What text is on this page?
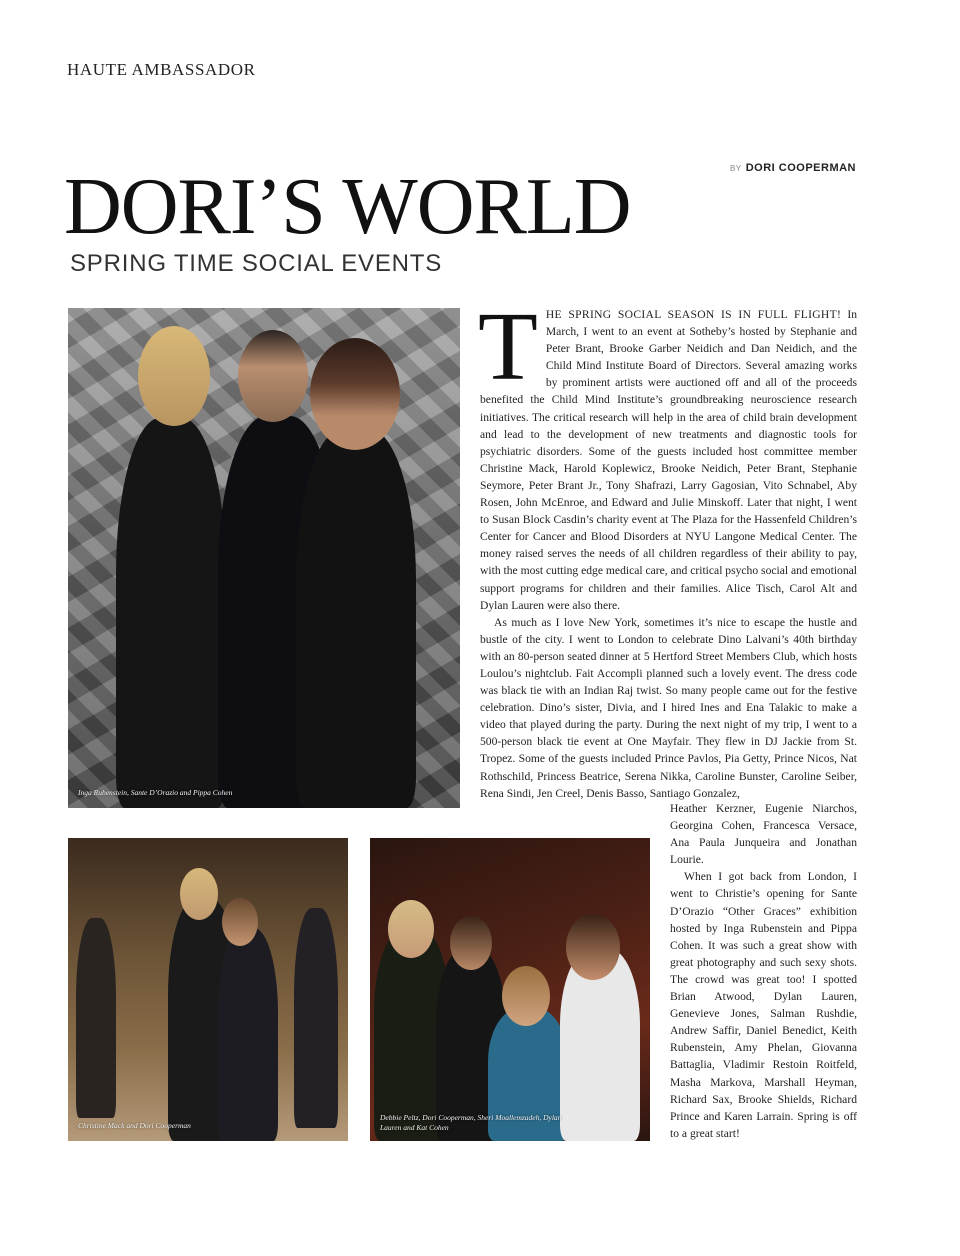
HAUTE AMBASSADOR
BY DORI COOPERMAN
DORI’S WORLD
SPRING TIME SOCIAL EVENTS
Inga Rubenstein, Sante D’Orazio and Pippa Cohen
Christine Mack and Dori Cooperman
Debbie Peltz, Dori Cooperman, Sheri Moallemzadeh, Dylan Lauren and Kat Cohen
T HE SPRING SOCIAL SEASON IS IN FULL FLIGHT! In March, I went to an event at Sotheby’s hosted by Stephanie and Peter Brant, Brooke Garber Neidich and Dan Neidich, and the Child Mind Institute Board of Directors. Several amazing works by prominent artists were auctioned off and all of the proceeds benefited the Child Mind Institute’s groundbreaking neuroscience research initiatives. The critical research will help in the area of child brain development and lead to the development of new treatments and diagnostic tools for psychiatric disorders. Some of the guests included host committee member Christine Mack, Harold Koplewicz, Brooke Neidich, Peter Brant, Stephanie Seymore, Peter Brant Jr., Tony Shafrazi, Larry Gagosian, Vito Schnabel, Aby Rosen, John McEnroe, and Edward and Julie Minskoff. Later that night, I went to Susan Block Casdin’s charity event at The Plaza for the Hassenfeld Children’s Center for Cancer and Blood Disorders at NYU Langone Medical Center. The money raised serves the needs of all children regardless of their ability to pay, with the most cutting edge medical care, and critical psycho social and emotional support programs for children and their families. Alice Tisch, Carol Alt and Dylan Lauren were also there.

As much as I love New York, sometimes it’s nice to escape the hustle and bustle of the city. I went to London to celebrate Dino Lalvani’s 40th birthday with an 80-person seated dinner at 5 Hertford Street Members Club, which hosts Loulou’s nightclub. Fait Accompli planned such a lovely event. The dress code was black tie with an Indian Raj twist. So many people came out for the festive celebration. Dino’s sister, Divia, and I hired Ines and Ena Talakic to make a video that played during the party. During the next night of my trip, I went to a 500-person black tie event at One Mayfair. They flew in DJ Jackie from St. Tropez. Some of the guests included Prince Pavlos, Pia Getty, Prince Nicos, Nat Rothschild, Princess Beatrice, Serena Nikka, Caroline Bunster, Caroline Seiber, Rena Sindi, Jen Creel, Denis Basso, Santiago Gonzalez,

Heather Kerzner, Eugenie Niarchos, Georgina Cohen, Francesca Versace, Ana Paula Junqueira and Jonathan Lourie.

When I got back from London, I went to Christie’s opening for Sante D’Orazio “Other Graces” exhibition hosted by Inga Rubenstein and Pippa Cohen. It was such a great show with great photography and such sexy shots. The crowd was great too! I spotted Brian Atwood, Dylan Lauren, Genevieve Jones, Salman Rushdie, Andrew Saffir, Daniel Benedict, Keith Rubenstein, Amy Phelan, Giovanna Battaglia, Vladimir Restoin Roitfeld, Masha Markova, Marshall Heyman, Richard Sax, Brooke Shields, Richard Prince and Karen Larrain. Spring is off to a great start!
